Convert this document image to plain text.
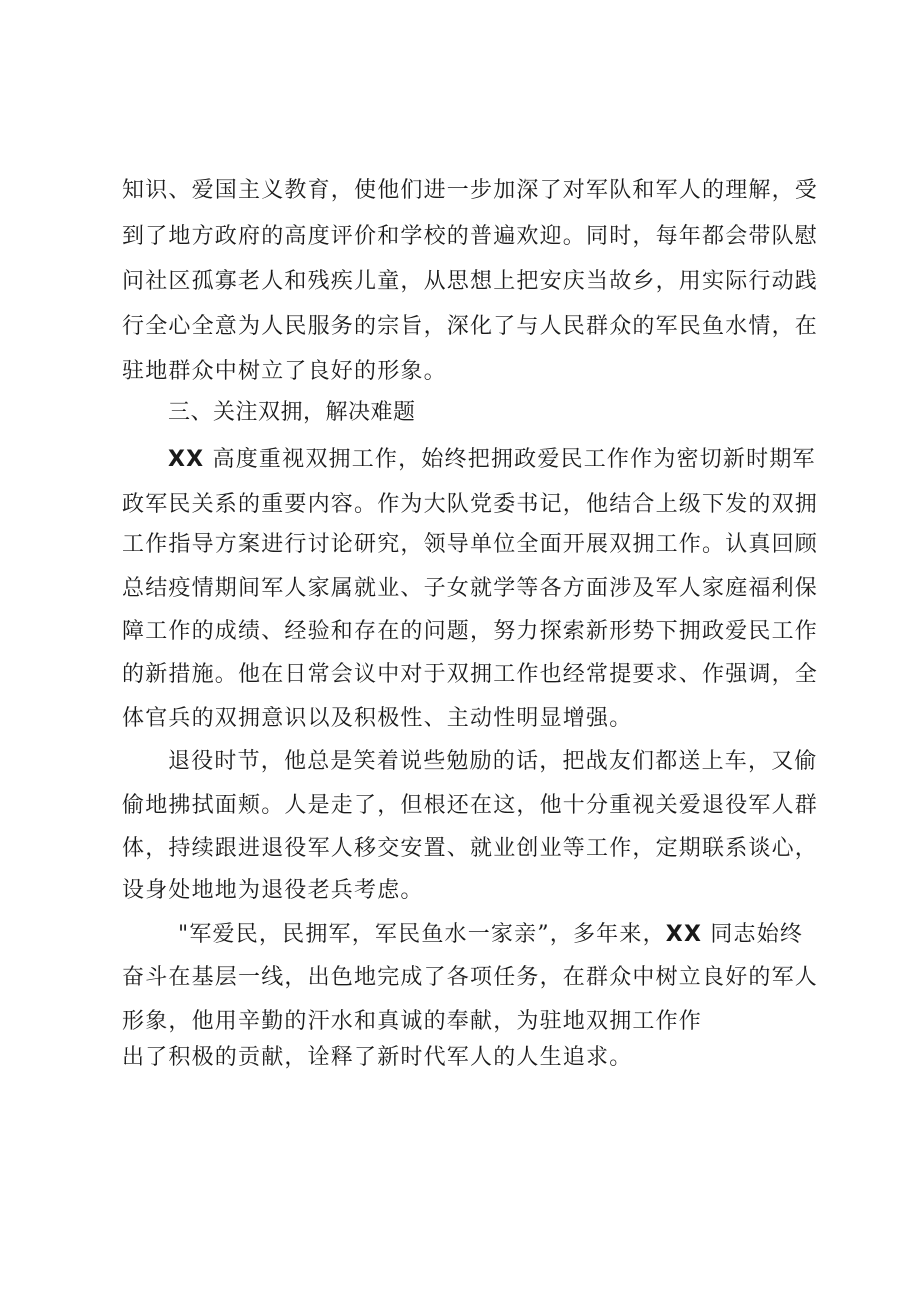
知识、爱国主义教育，使他们进一步加深了对军队和军人的理解，受
到了地方政府的高度评价和学校的普遍欢迎。同时，每年都会带队慰
问社区孤寡老人和残疾儿童，从思想上把安庆当故乡，用实际行动践
行全心全意为人民服务的宗旨，深化了与人民群众的军民鱼水情，在
驻地群众中树立了良好的形象。
三、关注双拥，解决难题
XX 高度重视双拥工作，始终把拥政爱民工作作为密切新时期军
政军民关系的重要内容。作为大队党委书记，他结合上级下发的双拥
工作指导方案进行讨论研究，领导单位全面开展双拥工作。认真回顾
总结疫情期间军人家属就业、子女就学等各方面涉及军人家庭福利保
障工作的成绩、经验和存在的问题，努力探索新形势下拥政爱民工作
的新措施。他在日常会议中对于双拥工作也经常提要求、作强调，全
体官兵的双拥意识以及积极性、主动性明显增强。
退役时节，他总是笑着说些勉励的话，把战友们都送上车，又偷
偷地拂拭面颊。人是走了，但根还在这，他十分重视关爱退役军人群
体，持续跟进退役军人移交安置、就业创业等工作，定期联系谈心，
设身处地地为退役老兵考虑。
"军爱民，民拥军，军民鱼水一家亲”，多年来，XX 同志始终
奋斗在基层一线，出色地完成了各项任务，在群众中树立良好的军人
形象，他用辛勤的汗水和真诚的奉献，为驻地双拥工作作
出了积极的贡献，诠释了新时代军人的人生追求。
